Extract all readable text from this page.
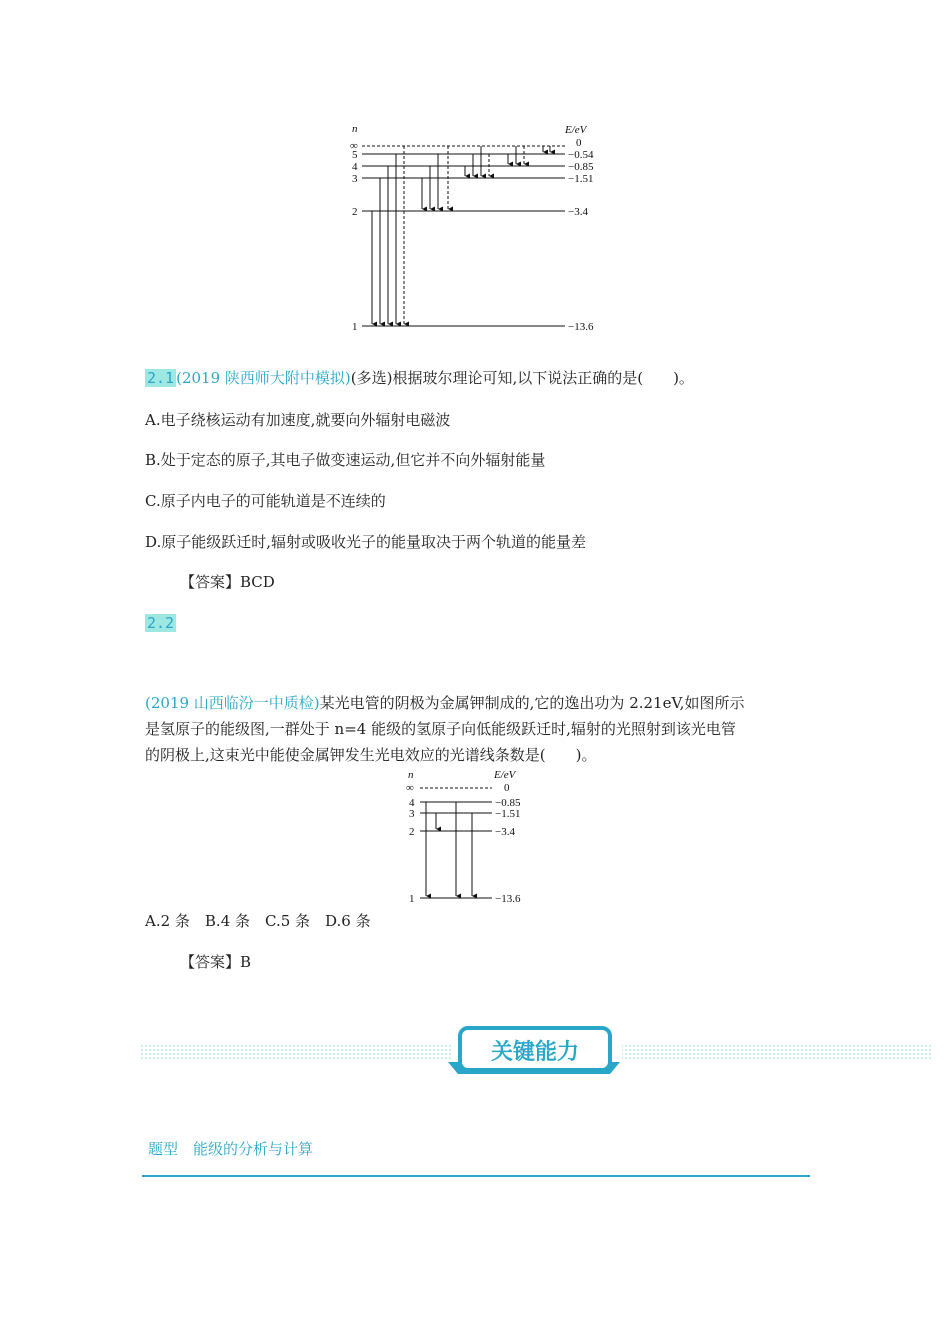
n	E/eV
∞
5
4
3
2
1
0
−0.54
−0.85
−1.51
−3.4
−13.6
2.1 (2019 陕西师大附中模拟)(多选)根据玻尔理论可知,以下说法正确的是(　　)。
A.电子绕核运动有加速度,就要向外辐射电磁波
B.处于定态的原子,其电子做变速运动,但它并不向外辐射能量
C.原子内电子的可能轨道是不连续的
D.原子能级跃迁时,辐射或吸收光子的能量取决于两个轨道的能量差
【答案】BCD
2.2
(2019 山西临汾一中质检)某光电管的阴极为金属钾制成的,它的逸出功为 2.21eV,如图所示
是氢原子的能级图,一群处于 n=4 能级的氢原子向低能级跃迁时,辐射的光照射到该光电管
的阴极上,这束光中能使金属钾发生光电效应的光谱线条数是(　　)。
n	E/eV
∞
4
3
2
1
0
−0.85
−1.51
−3.4
−13.6
A.2 条　B.4 条　C.5 条　D.6 条
【答案】B
关键能力
题型　能级的分析与计算
